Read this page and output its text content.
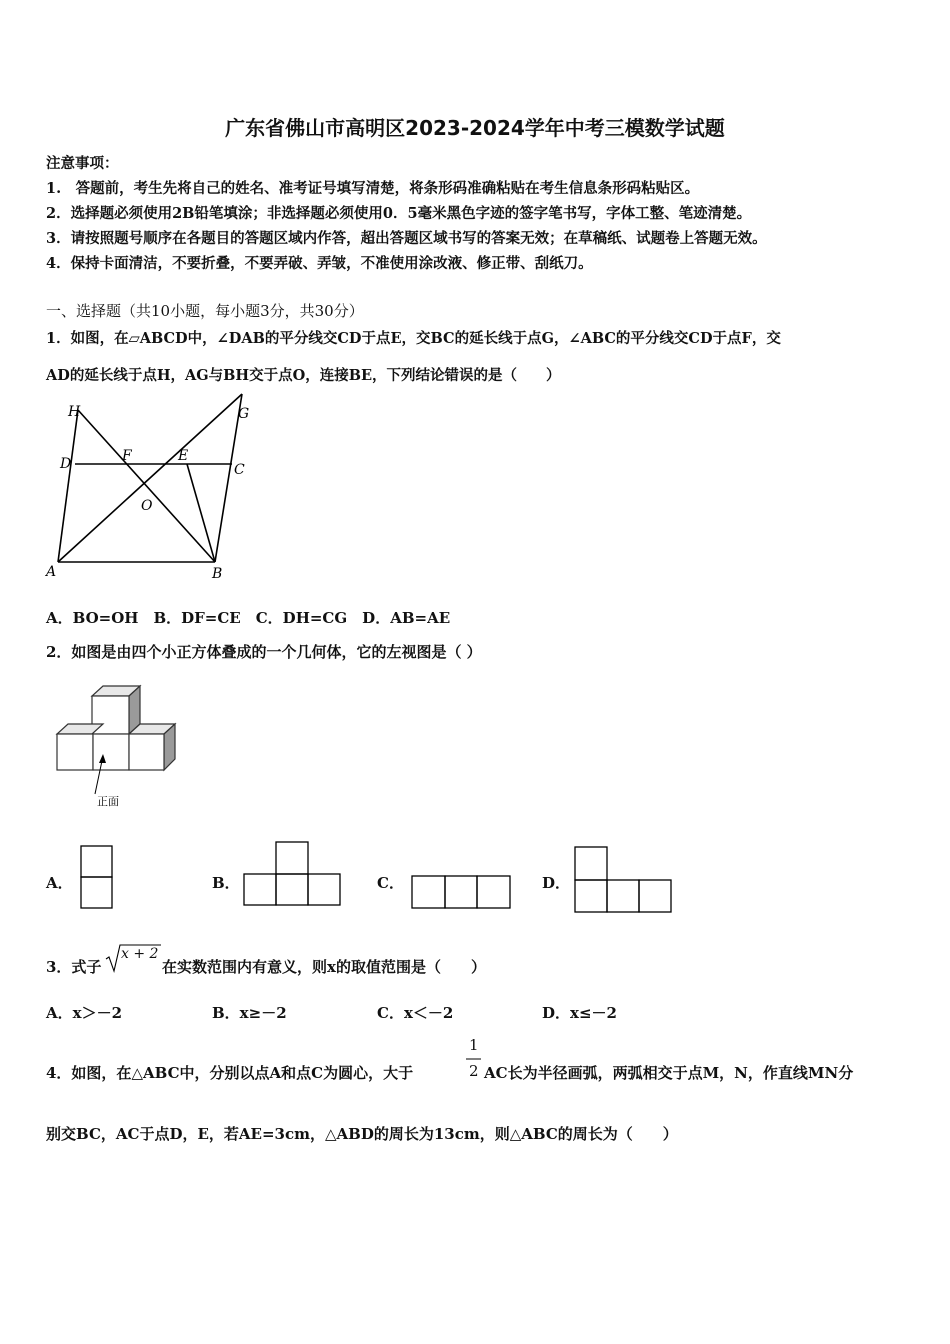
广东省佛山市高明区2023-2024学年中考三模数学试题
注意事项：
1.　答题前，考生先将自己的姓名、准考证号填写清楚，将条形码准确粘贴在考生信息条形码粘贴区。
2．选择题必须使用2B铅笔填涂；非选择题必须使用0．5毫米黑色字迹的签字笔书写，字体工整、笔迹清楚。
3．请按照题号顺序在各题目的答题区域内作答，超出答题区域书写的答案无效；在草稿纸、试题卷上答题无效。
4．保持卡面清洁，不要折叠，不要弄破、弄皱，不准使用涂改液、修正带、刮纸刀。
一、选择题（共10小题，每小题3分，共30分）
1．如图，在▱ABCD中，∠DAB的平分线交CD于点E，交BC的延长线于点G，∠ABC的平分线交CD于点F，交
AD的延长线于点H，AG与BH交于点O，连接BE，下列结论错误的是（　　）
H	G
D	F	E
C
O
A	B
A．BO=OH　B．DF=CE　C．DH=CG　D．AB=AE
2．如图是由四个小正方体叠成的一个几何体，它的左视图是（ ）
正面
A．	B．	C．	D．
3．式子
x + 2
在实数范围内有意义，则x的取值范围是（　　）
A．x＞－2	B．x≥－2	C．x＜－2	D．x≤－2
4．如图，在△ABC中，分别以点A和点C为圆心，大于
1
2 AC长为半径画弧，两弧相交于点M，N，作直线MN分
别交BC，AC于点D，E，若AE=3cm，△ABD的周长为13cm，则△ABC的周长为（　　）
